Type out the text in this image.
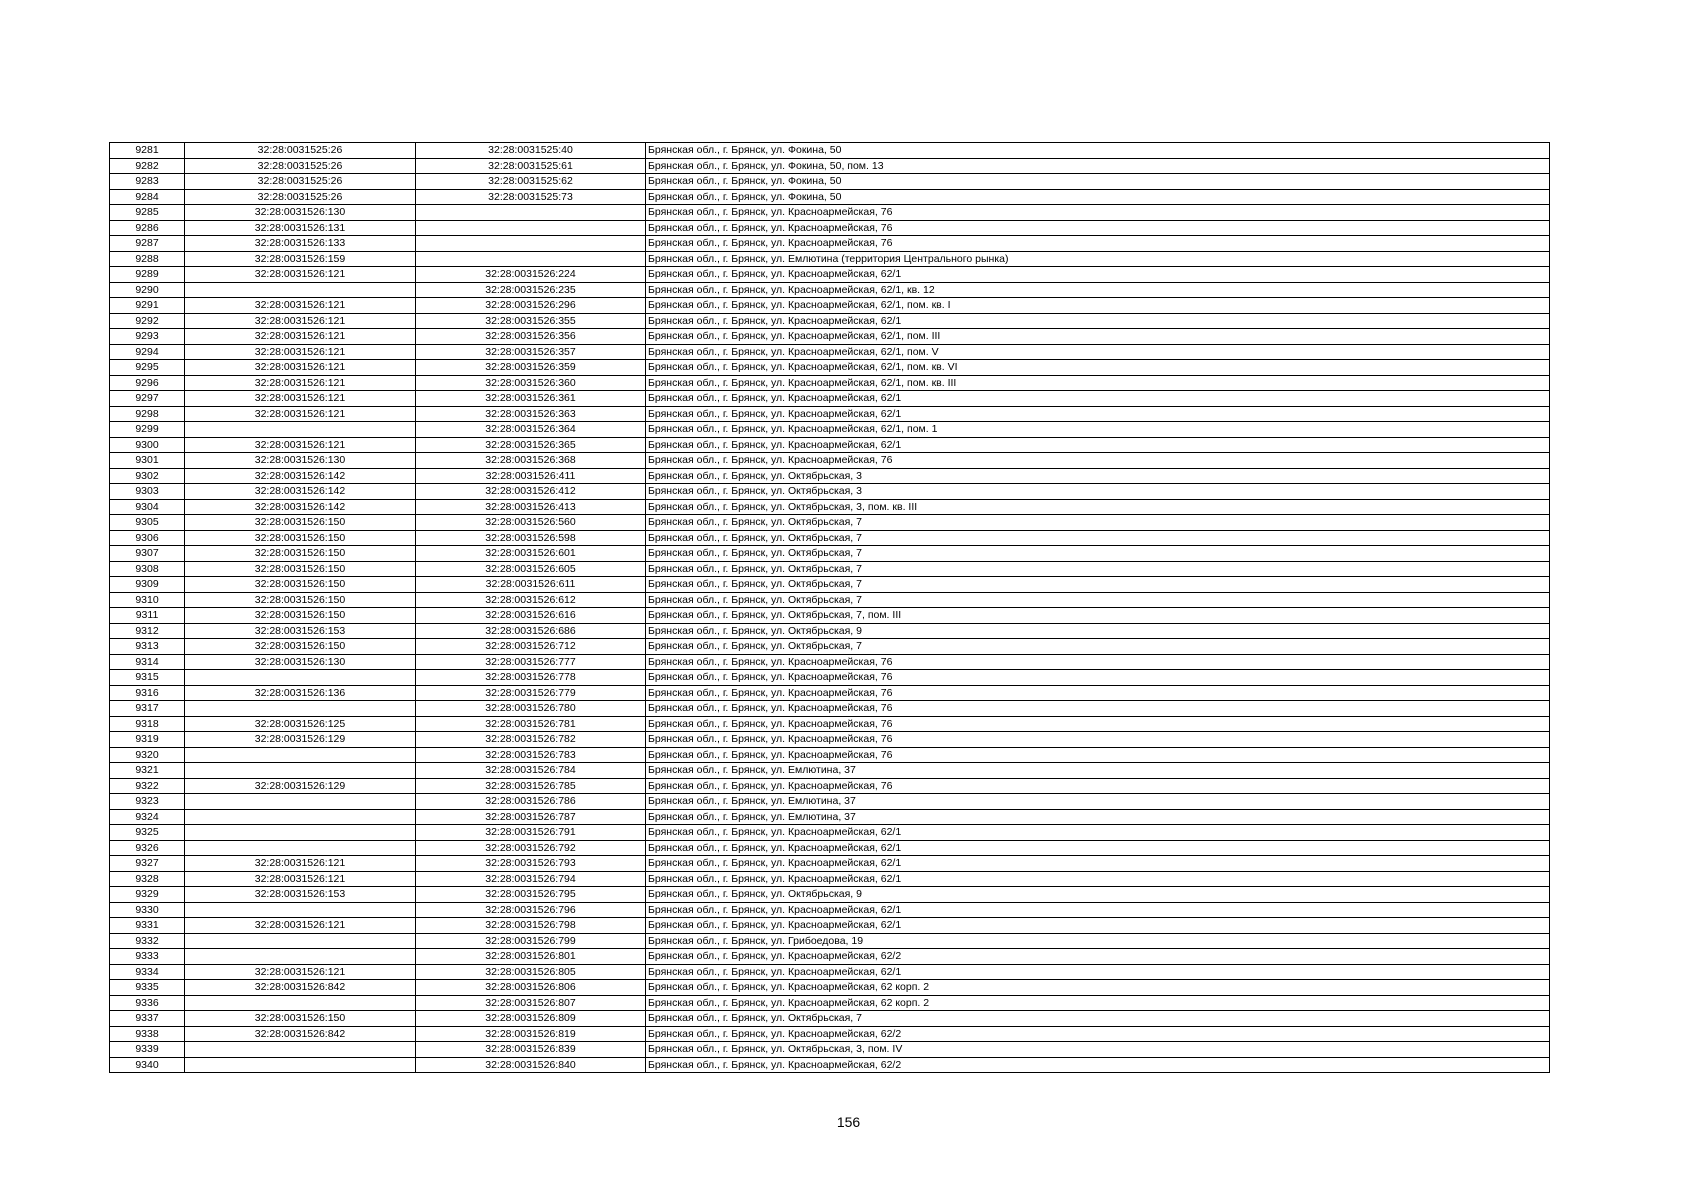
9281	32:28:0031525:26	32:28:0031525:40	Брянская обл., г. Брянск, ул. Фокина, 50
9282	32:28:0031525:26	32:28:0031525:61	Брянская обл., г. Брянск, ул. Фокина, 50, пом. 13
9283	32:28:0031525:26	32:28:0031525:62	Брянская обл., г. Брянск, ул. Фокина, 50
9284	32:28:0031525:26	32:28:0031525:73	Брянская обл., г. Брянск, ул. Фокина, 50
9285	32:28:0031526:130		Брянская обл., г. Брянск, ул. Красноармейская, 76
9286	32:28:0031526:131		Брянская обл., г. Брянск, ул. Красноармейская, 76
9287	32:28:0031526:133		Брянская обл., г. Брянск, ул. Красноармейская, 76
9288	32:28:0031526:159		Брянская обл., г. Брянск, ул. Емлютина (территория Центрального рынка)
9289	32:28:0031526:121	32:28:0031526:224	Брянская обл., г. Брянск, ул. Красноармейская, 62/1
9290		32:28:0031526:235	Брянская обл., г. Брянск, ул. Красноармейская, 62/1, кв. 12
9291	32:28:0031526:121	32:28:0031526:296	Брянская обл., г. Брянск, ул. Красноармейская, 62/1, пом. кв. I
9292	32:28:0031526:121	32:28:0031526:355	Брянская обл., г. Брянск, ул. Красноармейская, 62/1
9293	32:28:0031526:121	32:28:0031526:356	Брянская обл., г. Брянск, ул. Красноармейская, 62/1, пом. III
9294	32:28:0031526:121	32:28:0031526:357	Брянская обл., г. Брянск, ул. Красноармейская, 62/1, пом. V
9295	32:28:0031526:121	32:28:0031526:359	Брянская обл., г. Брянск, ул. Красноармейская, 62/1, пом. кв. VI
9296	32:28:0031526:121	32:28:0031526:360	Брянская обл., г. Брянск, ул. Красноармейская, 62/1, пом. кв. III
9297	32:28:0031526:121	32:28:0031526:361	Брянская обл., г. Брянск, ул. Красноармейская, 62/1
9298	32:28:0031526:121	32:28:0031526:363	Брянская обл., г. Брянск, ул. Красноармейская, 62/1
9299		32:28:0031526:364	Брянская обл., г. Брянск, ул. Красноармейская, 62/1, пом. 1
9300	32:28:0031526:121	32:28:0031526:365	Брянская обл., г. Брянск, ул. Красноармейская, 62/1
9301	32:28:0031526:130	32:28:0031526:368	Брянская обл., г. Брянск, ул. Красноармейская, 76
9302	32:28:0031526:142	32:28:0031526:411	Брянская обл., г. Брянск, ул. Октябрьская, 3
9303	32:28:0031526:142	32:28:0031526:412	Брянская обл., г. Брянск, ул. Октябрьская, 3
9304	32:28:0031526:142	32:28:0031526:413	Брянская обл., г. Брянск, ул. Октябрьская, 3, пом. кв. III
9305	32:28:0031526:150	32:28:0031526:560	Брянская обл., г. Брянск, ул. Октябрьская, 7
9306	32:28:0031526:150	32:28:0031526:598	Брянская обл., г. Брянск, ул. Октябрьская, 7
9307	32:28:0031526:150	32:28:0031526:601	Брянская обл., г. Брянск, ул. Октябрьская, 7
9308	32:28:0031526:150	32:28:0031526:605	Брянская обл., г. Брянск, ул. Октябрьская, 7
9309	32:28:0031526:150	32:28:0031526:611	Брянская обл., г. Брянск, ул. Октябрьская, 7
9310	32:28:0031526:150	32:28:0031526:612	Брянская обл., г. Брянск, ул. Октябрьская, 7
9311	32:28:0031526:150	32:28:0031526:616	Брянская обл., г. Брянск, ул. Октябрьская, 7, пом. III
9312	32:28:0031526:153	32:28:0031526:686	Брянская обл., г. Брянск, ул. Октябрьская, 9
9313	32:28:0031526:150	32:28:0031526:712	Брянская обл., г. Брянск, ул. Октябрьская, 7
9314	32:28:0031526:130	32:28:0031526:777	Брянская обл., г. Брянск, ул. Красноармейская, 76
9315		32:28:0031526:778	Брянская обл., г. Брянск, ул. Красноармейская, 76
9316	32:28:0031526:136	32:28:0031526:779	Брянская обл., г. Брянск, ул. Красноармейская, 76
9317		32:28:0031526:780	Брянская обл., г. Брянск, ул. Красноармейская, 76
9318	32:28:0031526:125	32:28:0031526:781	Брянская обл., г. Брянск, ул. Красноармейская, 76
9319	32:28:0031526:129	32:28:0031526:782	Брянская обл., г. Брянск, ул. Красноармейская, 76
9320		32:28:0031526:783	Брянская обл., г. Брянск, ул. Красноармейская, 76
9321		32:28:0031526:784	Брянская обл., г. Брянск, ул. Емлютина, 37
9322	32:28:0031526:129	32:28:0031526:785	Брянская обл., г. Брянск, ул. Красноармейская, 76
9323		32:28:0031526:786	Брянская обл., г. Брянск, ул. Емлютина, 37
9324		32:28:0031526:787	Брянская обл., г. Брянск, ул. Емлютина, 37
9325		32:28:0031526:791	Брянская обл., г. Брянск, ул. Красноармейская, 62/1
9326		32:28:0031526:792	Брянская обл., г. Брянск, ул. Красноармейская, 62/1
9327	32:28:0031526:121	32:28:0031526:793	Брянская обл., г. Брянск, ул. Красноармейская, 62/1
9328	32:28:0031526:121	32:28:0031526:794	Брянская обл., г. Брянск, ул. Красноармейская, 62/1
9329	32:28:0031526:153	32:28:0031526:795	Брянская обл., г. Брянск, ул. Октябрьская, 9
9330		32:28:0031526:796	Брянская обл., г. Брянск, ул. Красноармейская, 62/1
9331	32:28:0031526:121	32:28:0031526:798	Брянская обл., г. Брянск, ул. Красноармейская, 62/1
9332		32:28:0031526:799	Брянская обл., г. Брянск, ул. Грибоедова, 19
9333		32:28:0031526:801	Брянская обл., г. Брянск, ул. Красноармейская, 62/2
9334	32:28:0031526:121	32:28:0031526:805	Брянская обл., г. Брянск, ул. Красноармейская, 62/1
9335	32:28:0031526:842	32:28:0031526:806	Брянская обл., г. Брянск, ул. Красноармейская, 62 корп. 2
9336		32:28:0031526:807	Брянская обл., г. Брянск, ул. Красноармейская, 62 корп. 2
9337	32:28:0031526:150	32:28:0031526:809	Брянская обл., г. Брянск, ул. Октябрьская, 7
9338	32:28:0031526:842	32:28:0031526:819	Брянская обл., г. Брянск, ул. Красноармейская, 62/2
9339		32:28:0031526:839	Брянская обл., г. Брянск, ул. Октябрьская, 3, пом. IV
9340		32:28:0031526:840	Брянская обл., г. Брянск, ул. Красноармейская, 62/2
156
